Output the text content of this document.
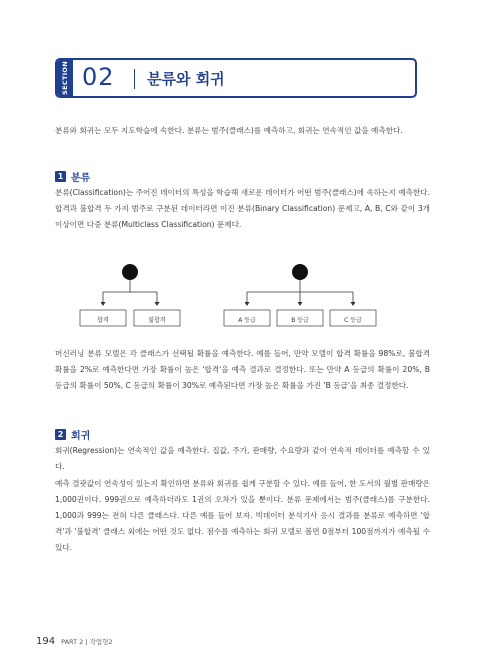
SECTION 02 분류와 회귀
분류와 회귀는 모두 지도학습에 속한다. 분류는 범주(클래스)를 예측하고, 회귀는 연속적인 값을 예측한다.
1 분류
분류(Classification)는 주어진 데이터의 특성을 학습해 새로운 데이터가 어떤 범주(클래스)에 속하는지 예측한다. 합격과 불합격 두 가지 범주로 구분된 데이터라면 이진 분류(Binary Classification) 문제고, A, B, C와 같이 3개 이상이면 다중 분류(Multiclass Classification) 문제다.
합격	불합격	A 등급	B 등급	C 등급
머신러닝 분류 모델은 각 클래스가 선택될 확률을 예측한다. 예를 들어, 만약 모델이 합격 확률을 98%로, 불합격 확률을 2%로 예측한다면 가장 확률이 높은 '합격'을 예측 결과로 결정한다. 또는 만약 A 등급의 확률이 20%, B 등급의 확률이 50%, C 등급의 확률이 30%로 예측된다면 가장 높은 확률을 가진 'B 등급'을 최종 결정한다.
2 회귀
회귀(Regression)는 연속적인 값을 예측한다. 집값, 주가, 판매량, 수요량과 같이 연속적 데이터를 예측할 수 있다.
예측 결괏값이 연속성이 있는지 확인하면 분류와 회귀를 쉽게 구분할 수 있다. 예를 들어, 한 도서의 월별 판매량은 1,000권이다. 999권으로 예측하더라도 1권의 오차가 있을 뿐이다. 분류 문제에서는 범주(클래스)를 구분한다. 1,000과 999는 전혀 다른 클래스다. 다른 예를 들어 보자. 빅데이터 분석기사 응시 결과를 분류로 예측하면 '합격'과 '불합격' 클래스 외에는 어떤 것도 없다. 점수를 예측하는 회귀 모델로 볼면 0점부터 100점까지가 예측될 수 있다.
194 PART 2 | 작업형2
